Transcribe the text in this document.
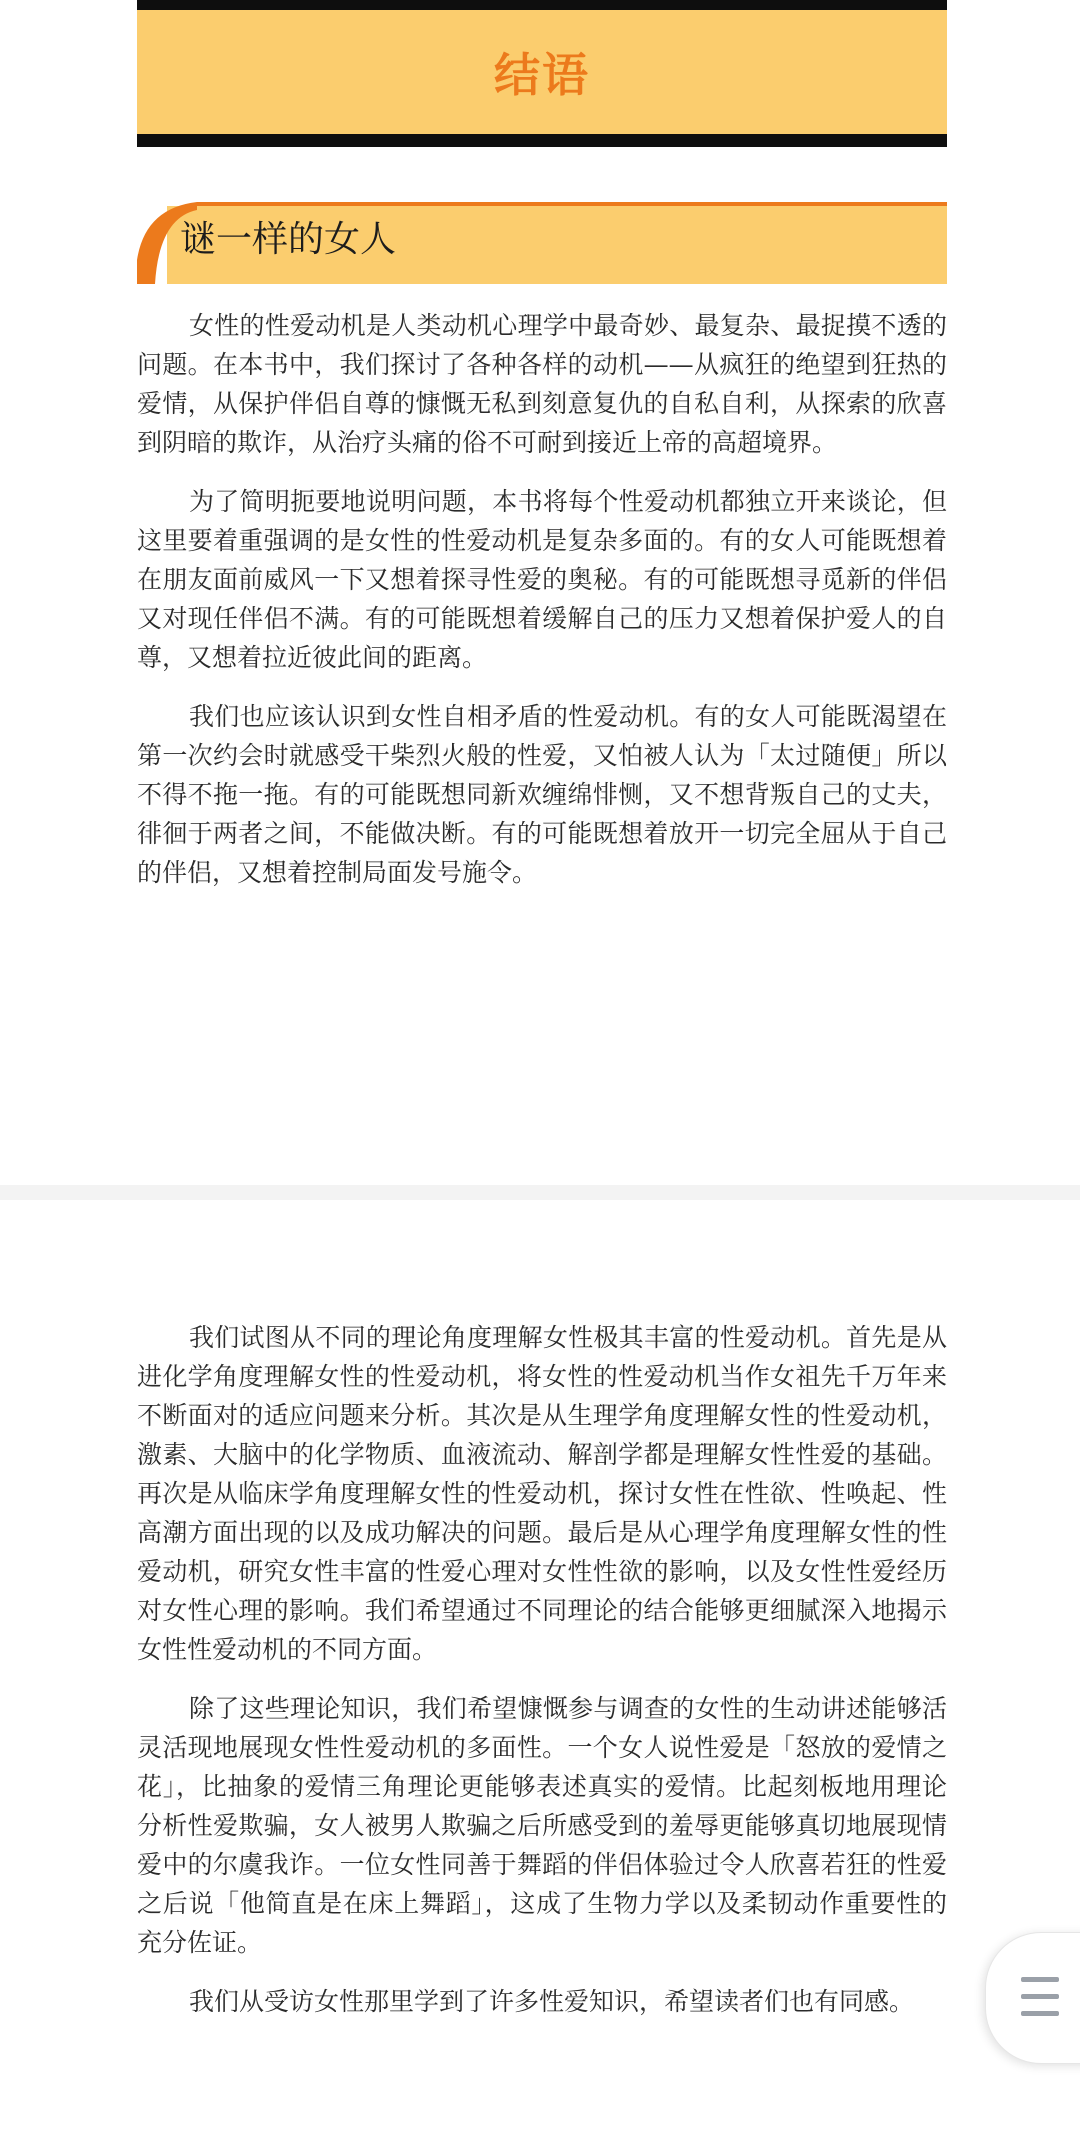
结语
谜一样的女人

女性的性爱动机是人类动机心理学中最奇妙、最复杂、最捉摸不透的问题。在本书中，我们探讨了各种各样的动机——从疯狂的绝望到狂热的爱情，从保护伴侣自尊的慷慨无私到刻意复仇的自私自利，从探索的欣喜到阴暗的欺诈，从治疗头痛的俗不可耐到接近上帝的高超境界。

为了简明扼要地说明问题，本书将每个性爱动机都独立开来谈论，但这里要着重强调的是女性的性爱动机是复杂多面的。有的女人可能既想着在朋友面前威风一下又想着探寻性爱的奥秘。有的可能既想寻觅新的伴侣又对现任伴侣不满。有的可能既想着缓解自己的压力又想着保护爱人的自尊，又想着拉近彼此间的距离。

我们也应该认识到女性自相矛盾的性爱动机。有的女人可能既渴望在第一次约会时就感受干柴烈火般的性爱，又怕被人认为「太过随便」所以不得不拖一拖。有的可能既想同新欢缠绵悱恻，又不想背叛自己的丈夫，徘徊于两者之间，不能做决断。有的可能既想着放开一切完全屈从于自己的伴侣，又想着控制局面发号施令。

我们试图从不同的理论角度理解女性极其丰富的性爱动机。首先是从进化学角度理解女性的性爱动机，将女性的性爱动机当作女祖先千万年来不断面对的适应问题来分析。其次是从生理学角度理解女性的性爱动机，激素、大脑中的化学物质、血液流动、解剖学都是理解女性性爱的基础。再次是从临床学角度理解女性的性爱动机，探讨女性在性欲、性唤起、性高潮方面出现的以及成功解决的问题。最后是从心理学角度理解女性的性爱动机，研究女性丰富的性爱心理对女性性欲的影响，以及女性性爱经历对女性心理的影响。我们希望通过不同理论的结合能够更细腻深入地揭示女性性爱动机的不同方面。

除了这些理论知识，我们希望慷慨参与调查的女性的生动讲述能够活灵活现地展现女性性爱动机的多面性。一个女人说性爱是「怒放的爱情之花」，比抽象的爱情三角理论更能够表述真实的爱情。比起刻板地用理论分析性爱欺骗，女人被男人欺骗之后所感受到的羞辱更能够真切地展现情爱中的尔虞我诈。一位女性同善于舞蹈的伴侣体验过令人欣喜若狂的性爱之后说「他简直是在床上舞蹈」，这成了生物力学以及柔韧动作重要性的充分佐证。

我们从受访女性那里学到了许多性爱知识，希望读者们也有同感。
